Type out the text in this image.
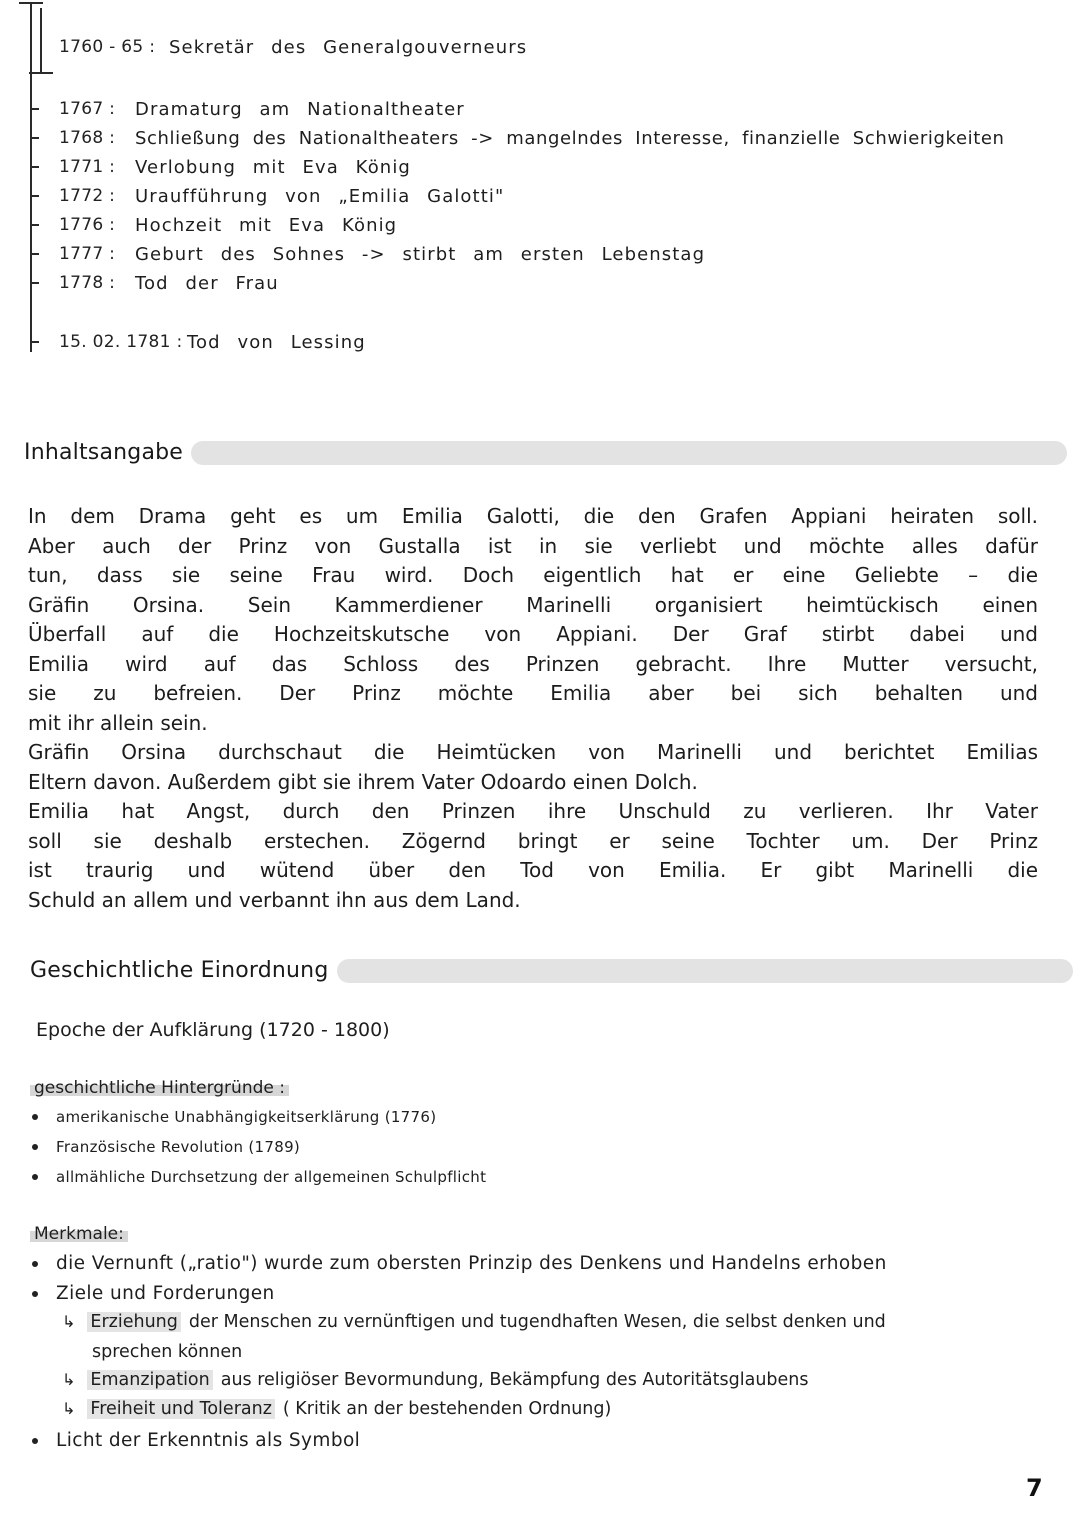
1760 - 65 : Sekretär des Generalgouverneurs
1767 :	Dramaturg am Nationaltheater
1768 :	Schließung des Nationaltheaters -> mangelndes Interesse, finanzielle Schwierigkeiten
1771 :	Verlobung mit Eva König
1772 :	Uraufführung von „Emilia Galotti"
1776 :	Hochzeit mit Eva König
1777 :	Geburt des Sohnes -> stirbt am ersten Lebenstag
1778 :	Tod der Frau
15. 02. 1781 : Tod von Lessing
Inhaltsangabe
In dem Drama geht es um Emilia Galotti, die den Grafen Appiani heiraten soll.
Aber auch der Prinz von Gustalla ist in sie verliebt und möchte alles dafür
tun, dass sie seine Frau wird. Doch eigentlich hat er eine Geliebte – die
Gräfin Orsina. Sein Kammerdiener Marinelli organisiert heimtückisch einen
Überfall auf die Hochzeitskutsche von Appiani. Der Graf stirbt dabei und
Emilia wird auf das Schloss des Prinzen gebracht. Ihre Mutter versucht,
sie zu befreien. Der Prinz möchte Emilia aber bei sich behalten und
mit ihr allein sein.
Gräfin Orsina durchschaut die Heimtücken von Marinelli und berichtet Emilias
Eltern davon. Außerdem gibt sie ihrem Vater Odoardo einen Dolch.
Emilia hat Angst, durch den Prinzen ihre Unschuld zu verlieren. Ihr Vater
soll sie deshalb erstechen. Zögernd bringt er seine Tochter um. Der Prinz
ist traurig und wütend über den Tod von Emilia. Er gibt Marinelli die
Schuld an allem und verbannt ihn aus dem Land.
Geschichtliche Einordnung
Epoche der Aufklärung (1720 - 1800)
geschichtliche Hintergründe :
amerikanische Unabhängigkeitserklärung (1776)
Französische Revolution (1789)
allmähliche Durchsetzung der allgemeinen Schulpflicht
Merkmale:
die Vernunft („ratio") wurde zum obersten Prinzip des Denkens und Handelns erhoben
Ziele und Forderungen
↳ Erziehung der Menschen zu vernünftigen und tugendhaften Wesen, die selbst denken und
sprechen können
↳ Emanzipation aus religiöser Bevormundung, Bekämpfung des Autoritätsglaubens
↳ Freiheit und Toleranz ( Kritik an der bestehenden Ordnung)
Licht der Erkenntnis als Symbol
7
